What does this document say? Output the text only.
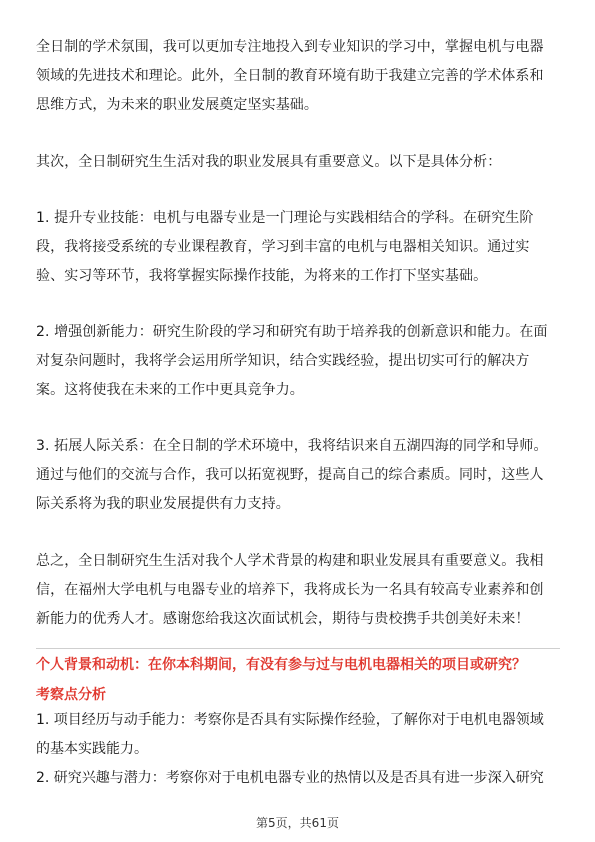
全日制的学术氛围，我可以更加专注地投入到专业知识的学习中，掌握电机与电器
领域的先进技术和理论。此外，全日制的教育环境有助于我建立完善的学术体系和
思维方式，为未来的职业发展奠定坚实基础。
其次，全日制研究生生活对我的职业发展具有重要意义。以下是具体分析：
1. 提升专业技能：电机与电器专业是一门理论与实践相结合的学科。在研究生阶
段，我将接受系统的专业课程教育，学习到丰富的电机与电器相关知识。通过实
验、实习等环节，我将掌握实际操作技能，为将来的工作打下坚实基础。
2. 增强创新能力：研究生阶段的学习和研究有助于培养我的创新意识和能力。在面
对复杂问题时，我将学会运用所学知识，结合实践经验，提出切实可行的解决方
案。这将使我在未来的工作中更具竞争力。
3. 拓展人际关系：在全日制的学术环境中，我将结识来自五湖四海的同学和导师。
通过与他们的交流与合作，我可以拓宽视野，提高自己的综合素质。同时，这些人
际关系将为我的职业发展提供有力支持。
总之，全日制研究生生活对我个人学术背景的构建和职业发展具有重要意义。我相
信，在福州大学电机与电器专业的培养下，我将成长为一名具有较高专业素养和创
新能力的优秀人才。感谢您给我这次面试机会，期待与贵校携手共创美好未来！

个人背景和动机：在你本科期间，有没有参与过与电机电器相关的项目或研究？

考察点分析

1. 项目经历与动手能力：考察你是否具有实际操作经验，了解你对于电机电器领域
的基本实践能力。
2. 研究兴趣与潜力：考察你对于电机电器专业的热情以及是否具有进一步深入研究
第5页，共61页
